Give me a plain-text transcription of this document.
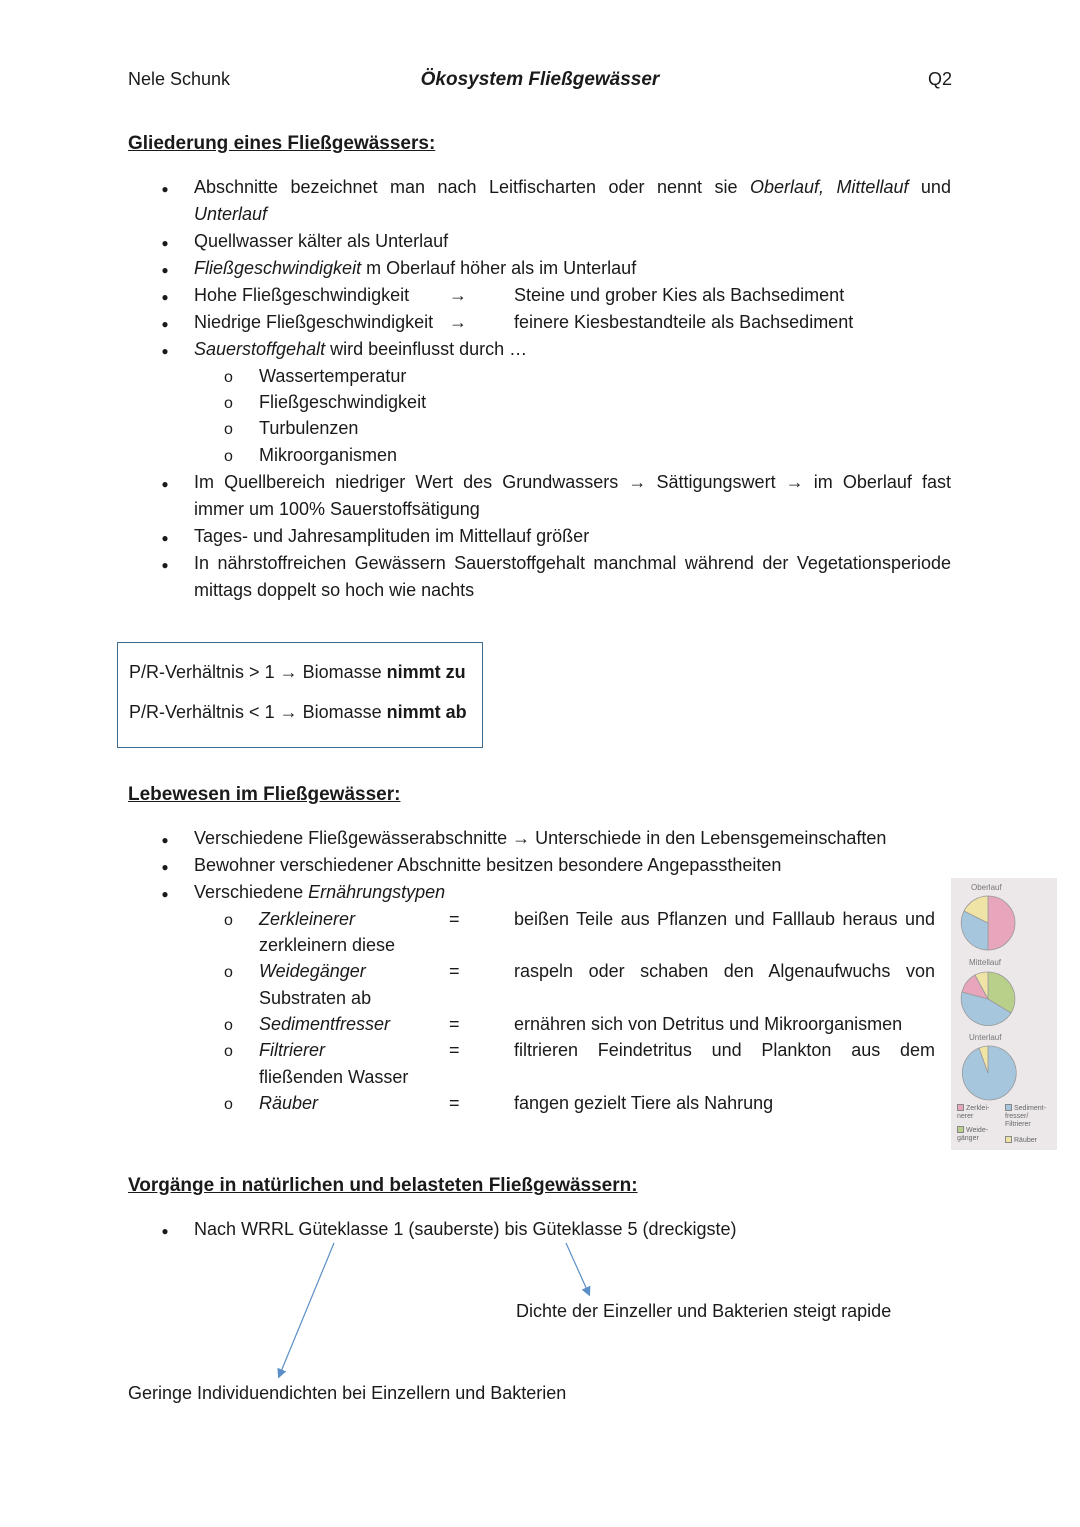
Nele Schunk	Ökosystem Fließgewässer	Q2
Gliederung eines Fließgewässers:
●
Abschnitte bezeichnet man nach Leitfischarten oder nennt sie Oberlauf, Mittellauf und
Unterlauf
●
Quellwasser kälter als Unterlauf
●
Fließgeschwindigkeit m Oberlauf höher als im Unterlauf
●
Hohe Fließgeschwindigkeit →	Steine und grober Kies als Bachsediment
●
Niedrige Fließgeschwindigkeit →	feinere Kiesbestandteile als Bachsediment
●
Sauerstoffgehalt wird beeinflusst durch …
o
Wassertemperatur
o
Fließgeschwindigkeit
o
Turbulenzen
o
Mikroorganismen
●
Im Quellbereich niedriger Wert des Grundwassers → Sättigungswert → im Oberlauf fast
immer um 100% Sauerstoffsätigung
●
Tages- und Jahresamplituden im Mittellauf größer
●
In nährstoffreichen Gewässern Sauerstoffgehalt manchmal während der Vegetationsperiode
mittags doppelt so hoch wie nachts
P/R-Verhältnis > 1 → Biomasse nimmt zu
P/R-Verhältnis < 1 → Biomasse nimmt ab
Lebewesen im Fließgewässer:
●
Verschiedene Fließgewässerabschnitte → Unterschiede in den Lebensgemeinschaften
●
Bewohner verschiedener Abschnitte besitzen besondere Angepasstheiten
●
Verschiedene Ernährungstypen
o
Zerkleinerer	=	beißen Teile aus Pflanzen und Falllaub heraus und
zerkleinern diese
o
Weidegänger	=	raspeln oder schaben den Algenaufwuchs von
Substraten ab
o
Sedimentfresser	=	ernähren sich von Detritus und Mikroorganismen
o
Filtrierer	=	filtrieren Feindetritus und Plankton aus dem
fließenden Wasser
o
Räuber	=	fangen gezielt Tiere als Nahrung
Oberlauf
Mittellauf
Unterlauf
Zerklei-nerer
Sediment-fresser/ Filtrierer
Weide-gänger	Räuber
Vorgänge in natürlichen und belasteten Fließgewässern:
●
Nach WRRL Güteklasse 1 (sauberste) bis Güteklasse 5 (dreckigste)
Dichte der Einzeller und Bakterien steigt rapide
Geringe Individuendichten bei Einzellern und Bakterien
